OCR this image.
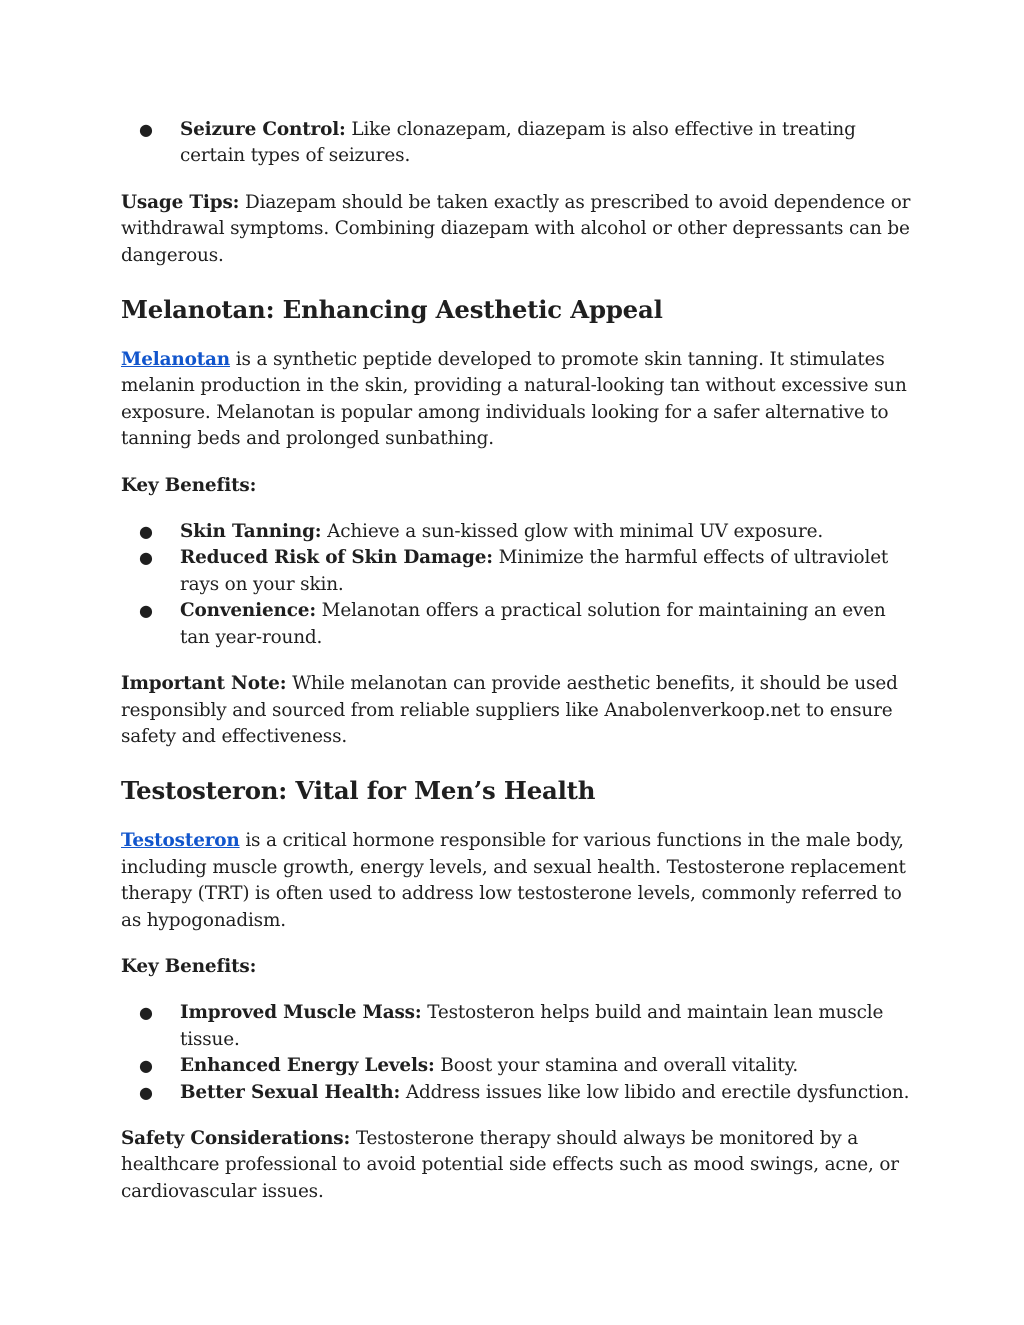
● Seizure Control: Like clonazepam, diazepam is also effective in treating certain types of seizures.

Usage Tips: Diazepam should be taken exactly as prescribed to avoid dependence or withdrawal symptoms. Combining diazepam with alcohol or other depressants can be dangerous.

Melanotan: Enhancing Aesthetic Appeal

Melanotan is a synthetic peptide developed to promote skin tanning. It stimulates melanin production in the skin, providing a natural-looking tan without excessive sun exposure. Melanotan is popular among individuals looking for a safer alternative to tanning beds and prolonged sunbathing.

Key Benefits:

● Skin Tanning: Achieve a sun-kissed glow with minimal UV exposure.
● Reduced Risk of Skin Damage: Minimize the harmful effects of ultraviolet rays on your skin.
● Convenience: Melanotan offers a practical solution for maintaining an even tan year-round.

Important Note: While melanotan can provide aesthetic benefits, it should be used responsibly and sourced from reliable suppliers like Anabolenverkoop.net to ensure safety and effectiveness.

Testosteron: Vital for Men’s Health

Testosteron is a critical hormone responsible for various functions in the male body, including muscle growth, energy levels, and sexual health. Testosterone replacement therapy (TRT) is often used to address low testosterone levels, commonly referred to as hypogonadism.

Key Benefits:

● Improved Muscle Mass: Testosteron helps build and maintain lean muscle tissue.
● Enhanced Energy Levels: Boost your stamina and overall vitality.
● Better Sexual Health: Address issues like low libido and erectile dysfunction.

Safety Considerations: Testosterone therapy should always be monitored by a healthcare professional to avoid potential side effects such as mood swings, acne, or cardiovascular issues.
